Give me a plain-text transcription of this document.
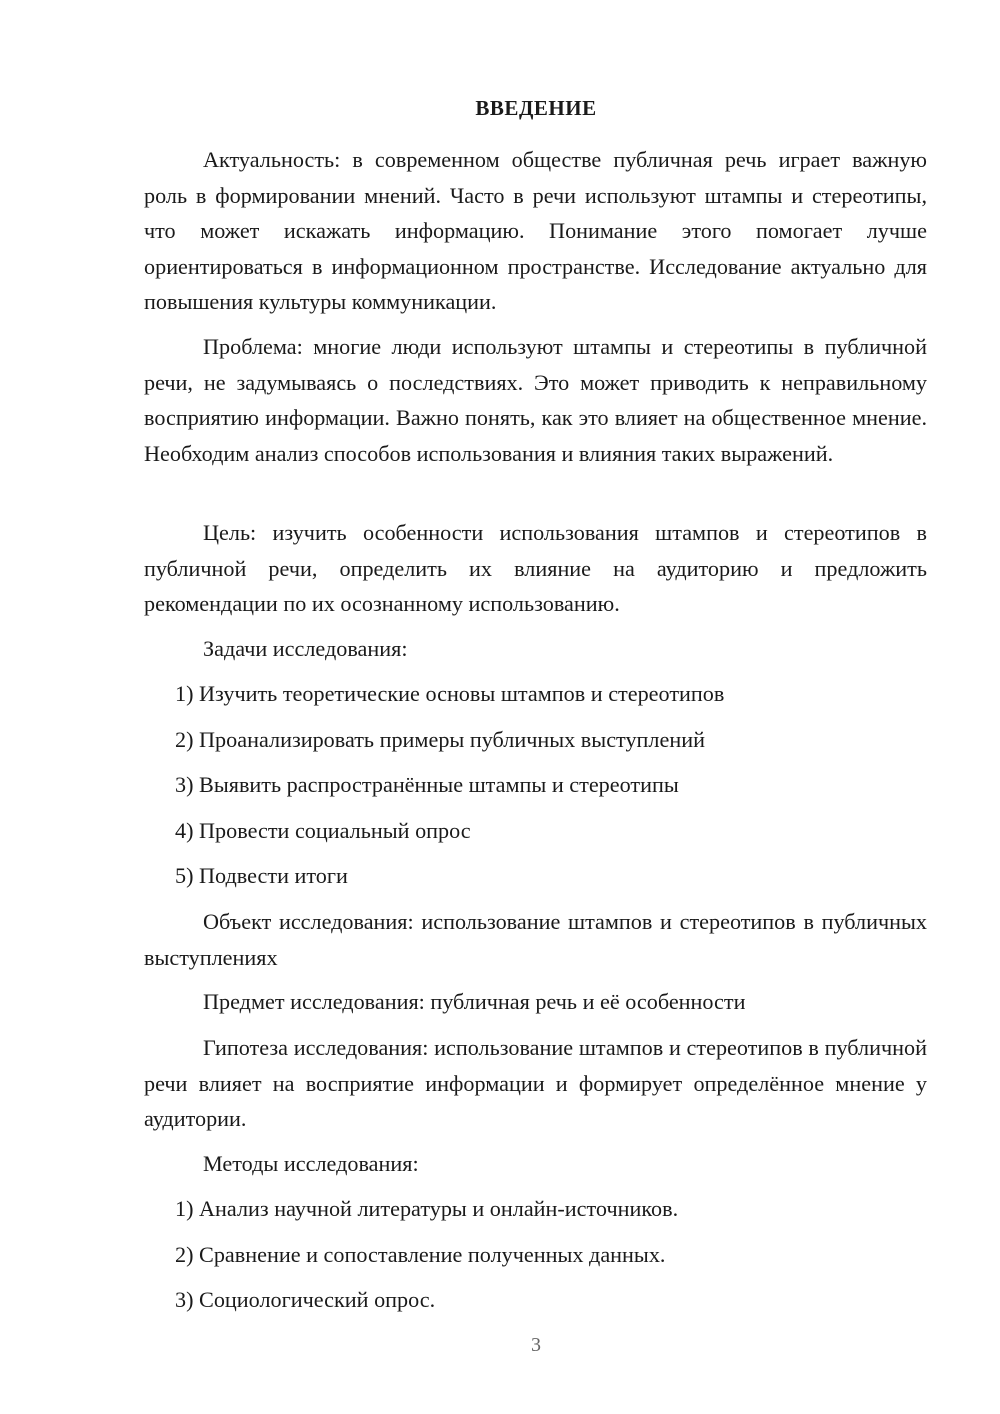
ВВЕДЕНИЕ

Актуальность: в современном обществе публичная речь играет важную роль в формировании мнений. Часто в речи используют штампы и стереотипы, что может искажать информацию. Понимание этого помогает лучше ориентироваться в информационном пространстве. Исследование актуально для повышения культуры коммуникации.

Проблема: многие люди используют штампы и стереотипы в публичной речи, не задумываясь о последствиях. Это может приводить к неправильному восприятию информации. Важно понять, как это влияет на общественное мнение. Необходим анализ способов использования и влияния таких выражений.

Цель: изучить особенности использования штампов и стереотипов в публичной речи, определить их влияние на аудиторию и предложить рекомендации по их осознанному использованию.

Задачи исследования:

1) Изучить теоретические основы штампов и стереотипов

2) Проанализировать примеры публичных выступлений

3) Выявить распространённые штампы и стереотипы

4) Провести социальный опрос

5) Подвести итоги

Объект исследования: использование штампов и стереотипов в публичных выступлениях

Предмет исследования: публичная речь и её особенности

Гипотеза исследования: использование штампов и стереотипов в публичной речи влияет на восприятие информации и формирует определённое мнение у аудитории.

Методы исследования:

1) Анализ научной литературы и онлайн-источников.

2) Сравнение и сопоставление полученных данных.

3) Социологический опрос.

3
